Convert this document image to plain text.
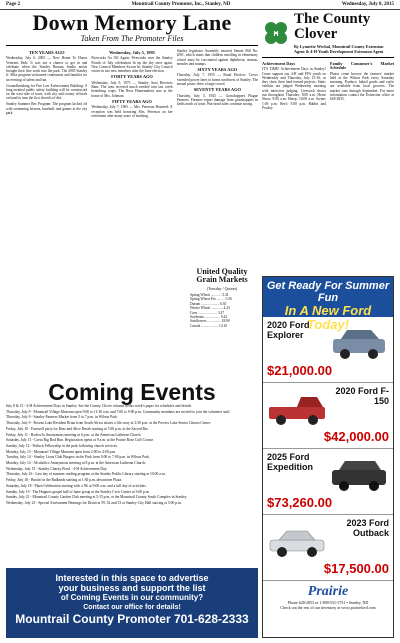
Page 2	Mountrail County Promoter, Inc., Stanley, ND	Wednesday, July 8, 2015
Down Memory Lane
Taken From The Promoter Files
TEN YEARS AGO

Wednesday, July 6, 2005 — New Home To House Veterans Park: It was not a chance to get in and celebrate when the Stanley Bonaus Studio artists brought their fine work into the park. The 2005 Stanley Jr. Miss program welcomed contestants and families for an evening of talent and fun.

Groundbreaking for Fire Law Enforcement Building: A long-awaited public safety building will be constructed on the west side of town, with city and county officials on hand to turn the first shovels of dirt.

Stanley Summer Rec Program: The program kicked off with swimming lessons, baseball, and games at the city park.

Wednesday, July 5, 1995

Fireworks Go Off Again: Fireworks over the Stanley Fourth of July celebration lit up the sky once again. New Council Members Sworn In: Stanley City Council sworn in two new members after the June election.

FORTY YEARS AGO

Wednesday, July 9, 1975 — Stanley Area Receives Rain: The area received much needed rain last week benefiting crops. The Ross Homemakers met at the home of Mrs. Johnson.

FIFTY YEARS AGO

Wednesday, July 7, 1965 — Mrs. Peterson Honored: A reception was held honoring Mrs. Peterson on her retirement after many years of teaching.

Stanley legislator Assembly enacted Senate Bill No. 2091, which states that children enrolling in elementary school must be vaccinated against diphtheria, tetanus, measles and mumps.

SIXTY YEARS AGO

Thursday, July 7, 1955 — Rural Electric: Crews extended power lines to farms northwest of Stanley. The annual picnic drew a large crowd.

SEVENTY YEARS AGO

Thursday, July 5, 1945 — Grasshoppers Plague Farmers: Farmers report damage from grasshoppers in fields north of town. War bond sales continue strong.

H
The County Clover
By Lynnette Wechal, Mountrail County Extension Agent & 4-H Youth Development Extension Agent
Achievement Days

IT'S TIME! Achievement Days in Stanley! Come support our 4-H and FFA youth on Wednesday and Thursday, July 15-16, as they show their hard-earned projects. Static exhibits are judged Wednesday morning with interview judging. Livestock shows run throughout Thursday: 8:00 a.m. Horse Show; 9:00 a.m. Sheep; 10:00 a.m. Swine; 1:00 p.m. Beef; 3:00 p.m. Rabbit and Poultry.

Family Consumer's Market Schedule

Please come browse the farmers' market held at the Wilson Park every Saturday morning. Produce, baked goods and crafts are available from local growers. The market runs through September. For more information contact the Extension office at 628-2835.

United Quality Grain Markets
(Tuesday / Quotes)
Spring Wheat ............ 5.41
Spring Wheat Pro ......... 5.56
Durum .................... 6.30
Winter Wheat ............. 4.23
Corn ..................... 3.47
Soybeans ................. 9.42
Sunflowers ............... 18.90
Canola ................... 14.10
Coming Events

July 8 & 15 - 4-H Achievement Days in Stanley. See the County Clover column in this week's paper for schedules and details.

Thursday, July 9 - Mountrail Village Museum open 9:00 to 11:30 a.m. and 7:00 to 9:00 p.m. Community members are invited to join the volunteer staff.

Thursday, July 9 - Stanley Farmers Market from 5 to 7 p.m. in Wilson Park.

Thursday, July 9 - Rowan Lake Resident Brian from South Africa shares a life story at 3:30 p.m. at the Powers Lake Senior Citizen Center.

Friday, July 10 - Farewell party for Russ and Alice Dusek starting at 7:00 p.m. at the Sacred Bar.

Friday, July 11 - Rodeo/Jo Anonymous meeting at 6 p.m. at the American Lutheran Church.

Saturday, July 11 - Great Big Rod Run. Registration opens at 9 a.m. at the Prairie Rose Golf Course.

Sunday, July 12 - Potluck Fellowship in the park following church services.

Monday, July 13 - Mountrail Village Museum open from 2:00 to 4:00 p.m.

Tuesday, July 14 - Stanley Lions Club Burgers in the Park from 5:00 to 7:00 p.m. in Wilson Park.

Monday, July 14 - Alcoholics Anonymous meeting at 8 p.m. at the American Lutheran Church.

Wednesday, July 15 - Stanley Charity Bowl - 4-H Achievement Day.

Thursday, July 16 - Last day of summer reading program at the Stanley Public Library starting at 10:00 a.m.

Friday, July 18 - Bustin' in the Badlands starting at 1:30 p.m. downtown Plaza.

Saturday, July 18 - Plaza Celebration starting with a 5K at 9:00 a.m. and a full day of activities.

Sunday, July 19 - The Hoppers gospel hall of fame group at the Stanley Civic Center at 3:00 p.m.

Sunday, July 21 - Mountrail County Garden Club meeting at 5:15 p.m. at the Mountrail County South Complex in Stanley.

Wednesday, July 23 - Special Assessment Hearings for Districts 59, 52 and 53 at Stanley City Hall starting at 5:00 p.m.

Interested in this space to advertise
your business and support the list
of Coming Events in our community?
Contact our office for details!
Mountrail County Promoter 701-628-2333
Get Ready For Summer Fun
In A New Ford Today!
2020 Ford Explorer
$21,000.00
2020 Ford F-150
$42,000.00
2025 Ford Expedition
$73,260.00
2023 Ford Outback
$17,500.00
Prairie
Phone 628-2853 or 1-800-531-5751 • Stanley, ND
Check out the rest of our inventory at www.prairieford.com
